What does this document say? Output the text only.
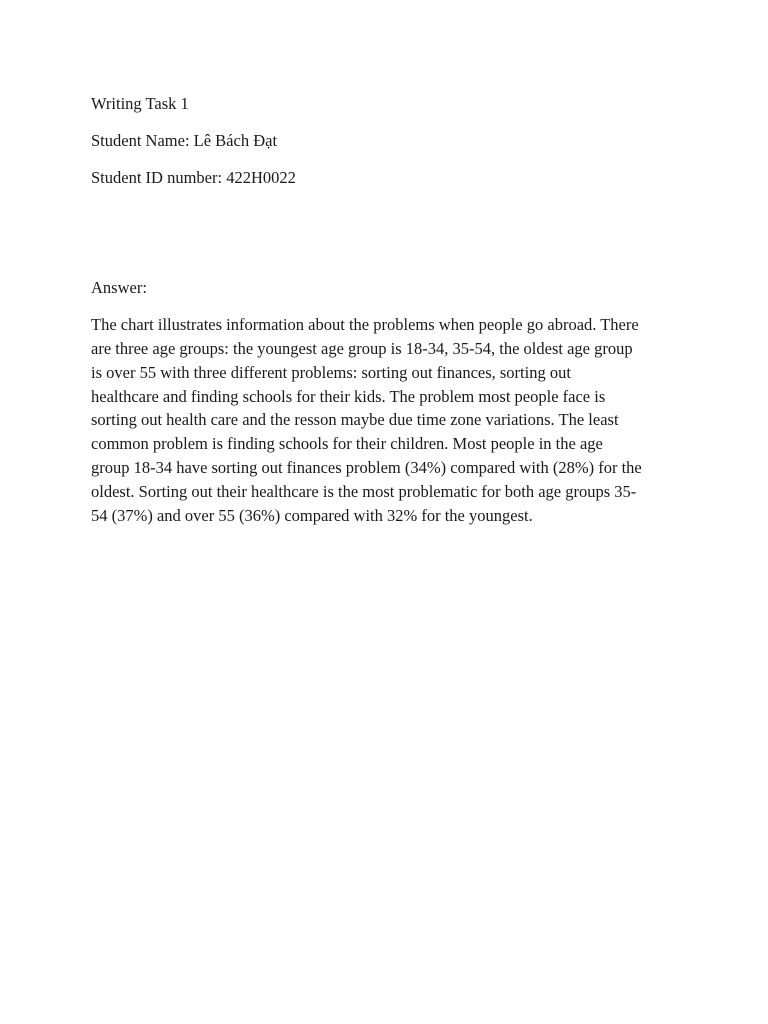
Writing Task 1

Student Name: Lê Bách Đạt

Student ID number: 422H0022

Answer:

The chart illustrates information about the problems when people go abroad. There

are three age groups: the youngest age group is 18-34, 35-54, the oldest age group

is over 55 with three different problems: sorting out finances, sorting out

healthcare and finding schools for their kids. The problem most people face is

sorting out health care and the resson maybe due time zone variations. The least

common problem is finding schools for their children. Most people in the age

group 18-34 have sorting out finances problem (34%) compared with (28%) for the

oldest. Sorting out their healthcare is the most problematic for both age groups 35-

54 (37%) and over 55 (36%) compared with 32% for the youngest.
